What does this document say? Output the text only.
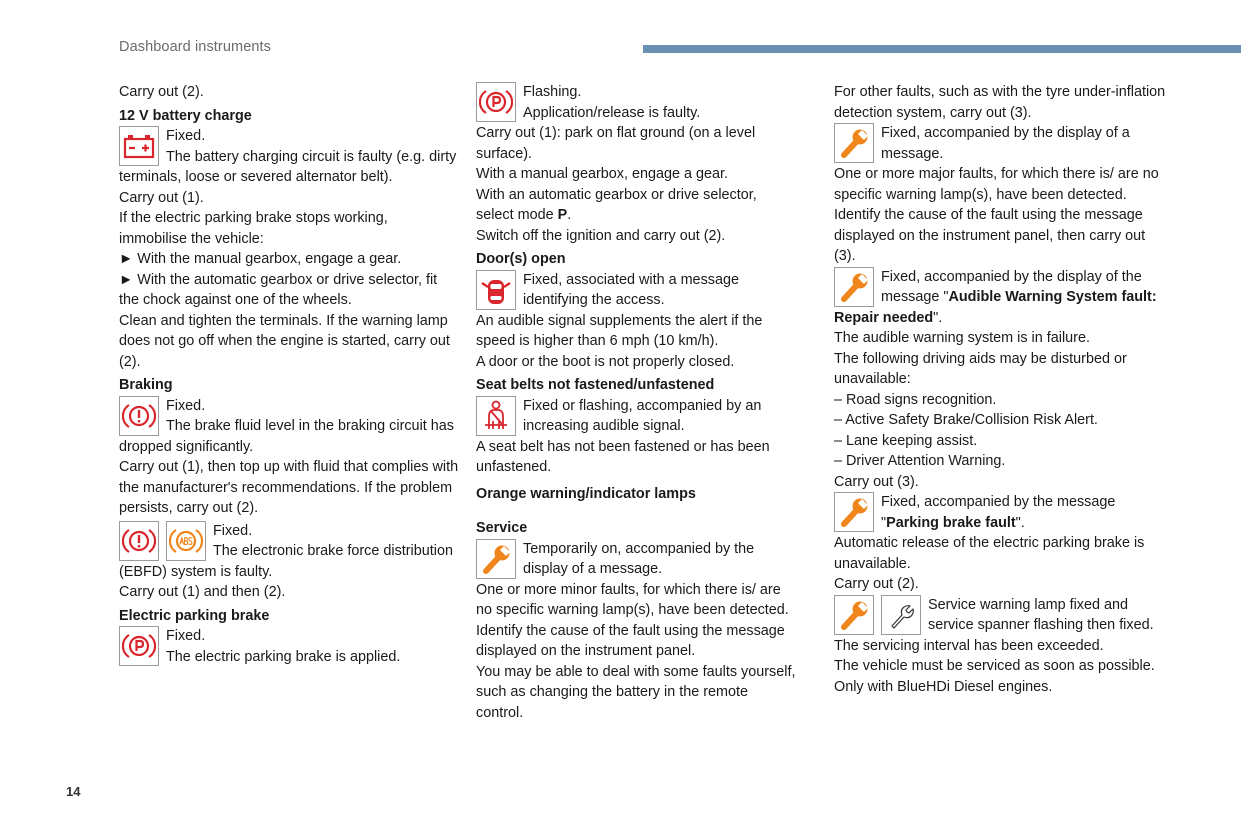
Dashboard instruments

Carry out (2).

12 V battery charge

Fixed.

The battery charging circuit is faulty (e.g. dirty terminals, loose or severed alternator belt).

Carry out (1).

If the electric parking brake stops working, immobilise the vehicle:

► With the manual gearbox, engage a gear.

► With the automatic gearbox or drive selector, fit the chock against one of the wheels.

Clean and tighten the terminals. If the warning lamp does not go off when the engine is started, carry out (2).

Braking

Fixed.

The brake fluid level in the braking circuit has dropped significantly.

Carry out (1), then top up with fluid that complies with the manufacturer's recommendations. If the problem persists, carry out (2).

Fixed.

The electronic brake force distribution (EBFD) system is faulty.

Carry out (1) and then (2).

Electric parking brake

Fixed.

The electric parking brake is applied.

Flashing.

Application/release is faulty.

Carry out (1): park on flat ground (on a level surface).

With a manual gearbox, engage a gear.

With an automatic gearbox or drive selector, select mode P.

Switch off the ignition and carry out (2).

Door(s) open

Fixed, associated with a message identifying the access.

An audible signal supplements the alert if the speed is higher than 6 mph (10 km/h).

A door or the boot is not properly closed.

Seat belts not fastened/unfastened

Fixed or flashing, accompanied by an increasing audible signal.

A seat belt has not been fastened or has been unfastened.

Orange warning/indicator lamps

Service

Temporarily on, accompanied by the display of a message.

One or more minor faults, for which there is/ are no specific warning lamp(s), have been detected.

Identify the cause of the fault using the message displayed on the instrument panel.

You may be able to deal with some faults yourself, such as changing the battery in the remote control.

For other faults, such as with the tyre under-inflation detection system, carry out (3).

Fixed, accompanied by the display of a message.

One or more major faults, for which there is/ are no specific warning lamp(s), have been detected.

Identify the cause of the fault using the message displayed on the instrument panel, then carry out (3).

Fixed, accompanied by the display of the message "Audible Warning System fault: Repair needed".

The audible warning system is in failure.

The following driving aids may be disturbed or unavailable:

– Road signs recognition.

– Active Safety Brake/Collision Risk Alert.

– Lane keeping assist.

– Driver Attention Warning.

Carry out (3).

Fixed, accompanied by the message "Parking brake fault".

Automatic release of the electric parking brake is unavailable.

Carry out (2).

Service warning lamp fixed and service spanner flashing then fixed.

The servicing interval has been exceeded.

The vehicle must be serviced as soon as possible.

Only with BlueHDi Diesel engines.

14
